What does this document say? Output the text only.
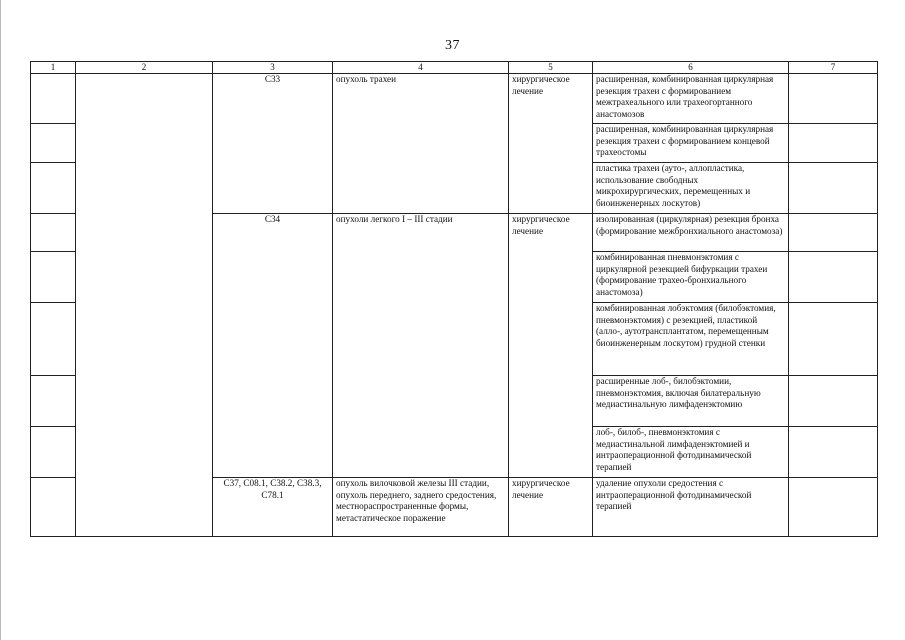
37
1	2	3	4	5	6	7
		C33	опухоль трахеи	хирургическое лечение	расширенная, комбинированная циркулярная резекция трахеи с формированием межтрахеального или трахеогортанного анастомозов	
					расширенная, комбинированная циркулярная резекция трахеи с формированием концевой трахеостомы	
					пластика трахеи (ауто-, аллопластика, использование свободных микрохирургических, перемещенных и биоинженерных лоскутов)	
		C34	опухоли легкого I – III стадии	хирургическое лечение	изолированная (циркулярная) резекция бронха (формирование межбронхиального анастомоза)	
					комбинированная пневмонэктомия с циркулярной резекцией бифуркации трахеи (формирование трахео-бронхиального анастомоза)	
					комбинированная лобэктомия (билобэктомия, пневмонэктомия) с резекцией, пластикой (алло-, аутотрансплантатом, перемещенным биоинженерным лоскутом) грудной стенки	
					расширенные лоб-, билобэктомии, пневмонэктомия, включая билатеральную медиастинальную лимфаденэктомию	
					лоб-, билоб-, пневмонэктомия с медиастинальной лимфаденэктомией и интраоперационной фотодинамической терапией	
		C37, C08.1, C38.2, C38.3, C78.1	опухоль вилочковой железы III стадии, опухоль переднего, заднего средостения, местнораспространенные формы, метастатическое поражение	хирургическое лечение	удаление опухоли средостения с интраоперационной фотодинамической терапией	
